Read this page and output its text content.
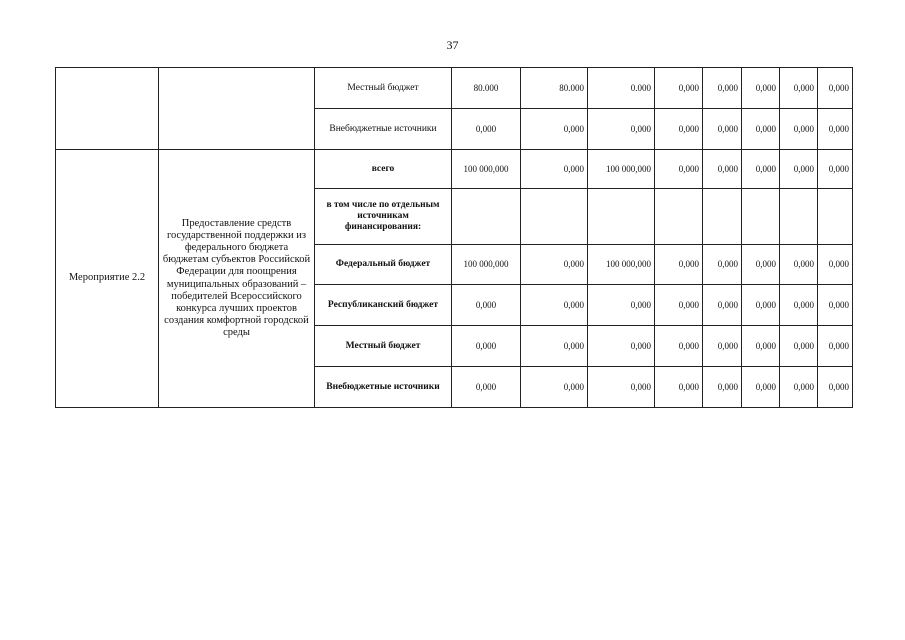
37
		Местный бюджет	80.000	80.000	0.000	0,000	0,000	0,000	0,000	0,000
		Внебюджетные источники	0,000	0,000	0,000	0,000	0,000	0,000	0,000	0,000
Мероприятие 2.2	Предоставление средств государственной поддержки из федерального бюджета бюджетам субъектов Российской Федерации для поощрения муниципальных образований – победителей Всероссийского конкурса лучших проектов создания комфортной городской среды	всего	100 000,000	0,000	100 000,000	0,000	0,000	0,000	0,000	0,000
		в том числе по отдельным источникам финансирования:								
		Федеральный бюджет	100 000,000	0,000	100 000,000	0,000	0,000	0,000	0,000	0,000
		Республиканский бюджет	0,000	0,000	0,000	0,000	0,000	0,000	0,000	0,000
		Местный бюджет	0,000	0,000	0,000	0,000	0,000	0,000	0,000	0,000
		Внебюджетные источники	0,000	0,000	0,000	0,000	0,000	0,000	0,000	0,000
